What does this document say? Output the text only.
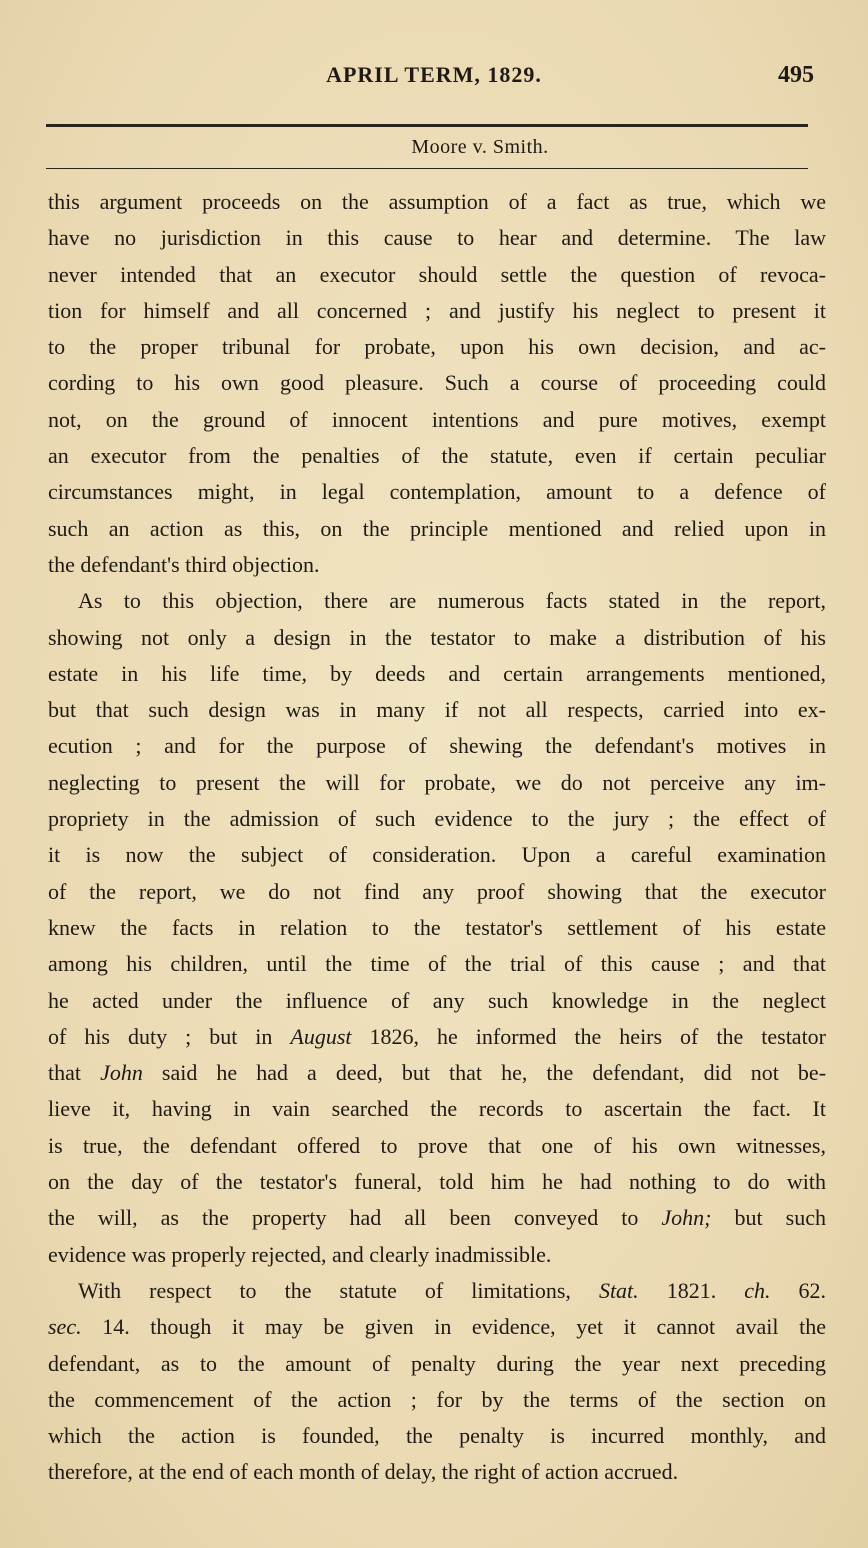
APRIL TERM, 1829.	495
Moore v. Smith.
this argument proceeds on the assumption of a fact as true, which we
have no jurisdiction in this cause to hear and determine. The law
never intended that an executor should settle the question of revoca-
tion for himself and all concerned ; and justify his neglect to present it
to the proper tribunal for probate, upon his own decision, and ac-
cording to his own good pleasure. Such a course of proceeding could
not, on the ground of innocent intentions and pure motives, exempt
an executor from the penalties of the statute, even if certain peculiar
circumstances might, in legal contemplation, amount to a defence of
such an action as this, on the principle mentioned and relied upon in
the defendant's third objection.
As to this objection, there are numerous facts stated in the report,
showing not only a design in the testator to make a distribution of his
estate in his life time, by deeds and certain arrangements mentioned,
but that such design was in many if not all respects, carried into ex-
ecution ; and for the purpose of shewing the defendant's motives in
neglecting to present the will for probate, we do not perceive any im-
propriety in the admission of such evidence to the jury ; the effect of
it is now the subject of consideration. Upon a careful examination
of the report, we do not find any proof showing that the executor
knew the facts in relation to the testator's settlement of his estate
among his children, until the time of the trial of this cause ; and that
he acted under the influence of any such knowledge in the neglect
of his duty ; but in August 1826, he informed the heirs of the testator
that John said he had a deed, but that he, the defendant, did not be-
lieve it, having in vain searched the records to ascertain the fact. It
is true, the defendant offered to prove that one of his own witnesses,
on the day of the testator's funeral, told him he had nothing to do with
the will, as the property had all been conveyed to John; but such
evidence was properly rejected, and clearly inadmissible.
With respect to the statute of limitations, Stat. 1821. ch. 62.
sec. 14. though it may be given in evidence, yet it cannot avail the
defendant, as to the amount of penalty during the year next preceding
the commencement of the action ; for by the terms of the section on
which the action is founded, the penalty is incurred monthly, and
therefore, at the end of each month of delay, the right of action accrued.
